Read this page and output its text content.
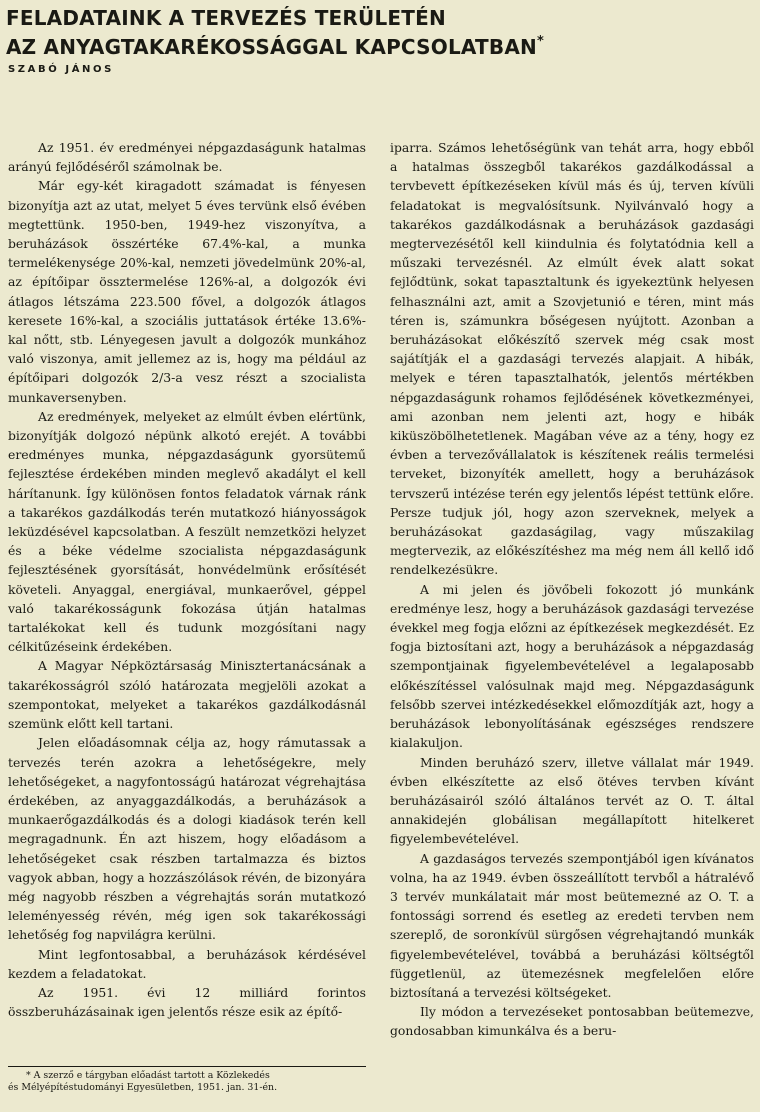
FELADATAINK A TERVEZÉS TERÜLETÉN
AZ ANYAGTAKARÉKOSSÁGGAL KAPCSOLATBAN*
SZABÓ JÁNOS

Az 1951. év eredményei népgazdaságunk hatalmas arányú fejlődéséről számolnak be.

Már egy-két kiragadott számadat is fényesen bizonyítja azt az utat, melyet 5 éves tervünk első évében megtettünk. 1950-ben, 1949-hez viszonyítva, a beruházások összértéke 67.4%-kal, a munka termelékenysége 20%-kal, nemzeti jövedelmünk 20%-al, az építőipar össztermelése 126%-al, a dolgozók évi átlagos létszáma 223.500 fővel, a dolgozók átlagos keresete 16%-kal, a szociális juttatások értéke 13.6%-kal nőtt, stb. Lényegesen javult a dolgozók munkához való viszonya, amit jellemez az is, hogy ma például az építőipari dolgozók 2/3-a vesz részt a szocialista munkaversenyben.

Az eredmények, melyeket az elmúlt évben elértünk, bizonyítják dolgozó népünk alkotó erejét. A további eredményes munka, népgazdaságunk gyorsütemű fejlesztése érdekében minden meglevő akadályt el kell hárítanunk. Így különösen fontos feladatok várnak ránk a takarékos gazdálkodás terén mutatkozó hiányosságok leküzdésével kapcsolatban. A feszült nemzetközi helyzet és a béke védelme szocialista népgazdaságunk fejlesztésének gyorsítását, honvédelmünk erősítését követeli. Anyaggal, energiával, munkaerővel, géppel való takarékosságunk fokozása útján hatalmas tartalékokat kell és tudunk mozgósítani nagy célkitűzéseink érdekében.

A Magyar Népköztársaság Minisztertanácsának a takarékosságról szóló határozata megjelöli azokat a szempontokat, melyeket a takarékos gazdálkodásnál szemünk előtt kell tartani.

Jelen előadásomnak célja az, hogy rámutassak a tervezés terén azokra a lehetőségekre, mely lehetőségeket, a nagyfontosságú határozat végrehajtása érdekében, az anyaggazdálkodás, a beruházások a munkaerőgazdálkodás és a dologi kiadások terén kell megragadnunk. Én azt hiszem, hogy előadásom a lehetőségeket csak részben tartalmazza és biztos vagyok abban, hogy a hozzászólások révén, de bizonyára még nagyobb részben a végrehajtás során mutatkozó leleményesség révén, még igen sok takarékossági lehetőség fog napvilágra kerülni.

Mint legfontosabbal, a beruházások kérdésével kezdem a feladatokat.

Az 1951. évi 12 milliárd forintos összberuházásainak igen jelentős része esik az építő-

iparra. Számos lehetőségünk van tehát arra, hogy ebből a hatalmas összegből takarékos gazdálkodással a tervbevett építkezéseken kívül más és új, terven kívüli feladatokat is megvalósítsunk. Nyilvánvaló hogy a takarékos gazdálkodásnak a beruházások gazdasági megtervezésétől kell kiindulnia és folytatódnia kell a műszaki tervezésnél. Az elmúlt évek alatt sokat fejlődtünk, sokat tapasztaltunk és igyekeztünk helyesen felhasználni azt, amit a Szovjetunió e téren, mint más téren is, számunkra bőségesen nyújtott. Azonban a beruházásokat előkészítő szervek még csak most sajátítják el a gazdasági tervezés alapjait. A hibák, melyek e téren tapasztalhatók, jelentős mértékben népgazdaságunk rohamos fejlődésének következményei, ami azonban nem jelenti azt, hogy e hibák kiküszöbölhetetlenek. Magában véve az a tény, hogy ez évben a tervezővállalatok is készítenek reális termelési terveket, bizonyíték amellett, hogy a beruházások tervszerű intézése terén egy jelentős lépést tettünk előre. Persze tudjuk jól, hogy azon szerveknek, melyek a beruházásokat gazdaságilag, vagy műszakilag megtervezik, az előkészítéshez ma még nem áll kellő idő rendelkezésükre.

A mi jelen és jövőbeli fokozott jó munkánk eredménye lesz, hogy a beruházások gazdasági tervezése évekkel meg fogja előzni az építkezések megkezdését. Ez fogja biztosítani azt, hogy a beruházások a népgazdaság szempontjainak figyelembevételével a legalaposabb előkészítéssel valósulnak majd meg. Népgazdaságunk felsőbb szervei intézkedésekkel előmozdítják azt, hogy a beruházások lebonyolításának egészséges rendszere kialakuljon.

Minden beruházó szerv, illetve vállalat már 1949. évben elkészítette az első ötéves tervben kívánt beruházásairól szóló általános tervét az O. T. által annakidején globálisan megállapított hitelkeret figyelembevételével.

A gazdaságos tervezés szempontjából igen kívánatos volna, ha az 1949. évben összeállított tervből a hátralévő 3 tervév munkálatait már most beütemezné az O. T. a fontossági sorrend és esetleg az eredeti tervben nem szereplő, de soronkívül sürgősen végrehajtandó munkák figyelembevételével, továbbá a beruházási költségtől függetlenül, az ütemezésnek megfelelően előre biztosítaná a tervezési költségeket.

Ily módon a tervezéseket pontosabban beütemezve, gondosabban kimunkálva és a beru-

* A szerző e tárgyban előadást tartott a Közlekedés
és Mélyépítéstudományi Egyesületben, 1951. jan. 31-én.
